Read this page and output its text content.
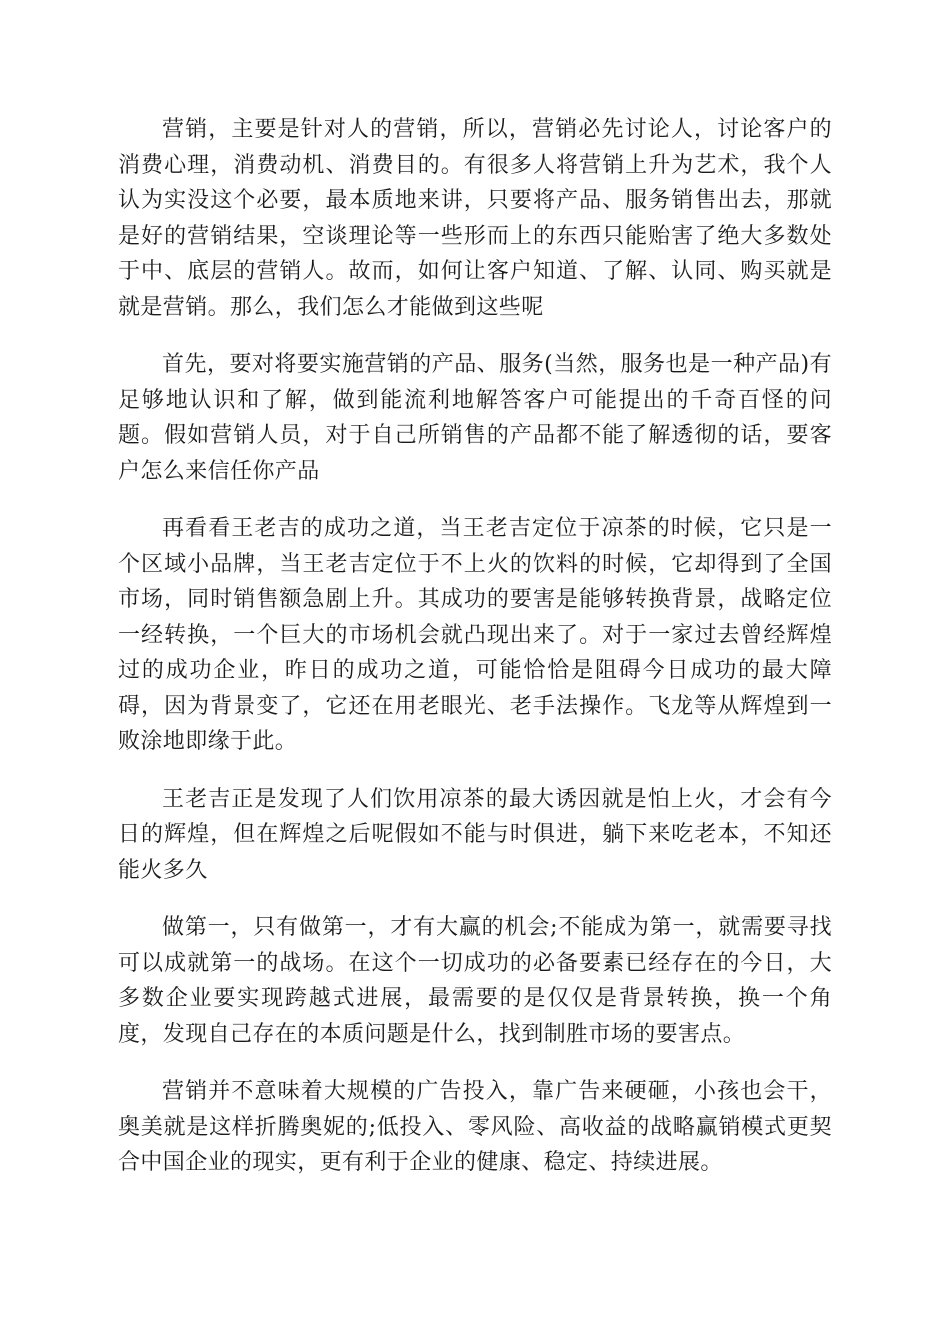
营销，主要是针对人的营销，所以，营销必先讨论人，讨论客户的消费心理，消费动机、消费目的。有很多人将营销上升为艺术，我个人认为实没这个必要，最本质地来讲，只要将产品、服务销售出去，那就是好的营销结果，空谈理论等一些形而上的东西只能贻害了绝大多数处于中、底层的营销人。故而，如何让客户知道、了解、认同、购买就是就是营销。那么，我们怎么才能做到这些呢

首先，要对将要实施营销的产品、服务(当然，服务也是一种产品)有足够地认识和了解，做到能流利地解答客户可能提出的千奇百怪的问题。假如营销人员，对于自己所销售的产品都不能了解透彻的话，要客户怎么来信任你产品

再看看王老吉的成功之道，当王老吉定位于凉茶的时候，它只是一个区域小品牌，当王老吉定位于不上火的饮料的时候，它却得到了全国市场，同时销售额急剧上升。其成功的要害是能够转换背景，战略定位一经转换，一个巨大的市场机会就凸现出来了。对于一家过去曾经辉煌过的成功企业，昨日的成功之道，可能恰恰是阻碍今日成功的最大障碍，因为背景变了，它还在用老眼光、老手法操作。飞龙等从辉煌到一败涂地即缘于此。

王老吉正是发现了人们饮用凉茶的最大诱因就是怕上火，才会有今日的辉煌，但在辉煌之后呢假如不能与时俱进，躺下来吃老本，不知还能火多久

做第一，只有做第一，才有大赢的机会;不能成为第一，就需要寻找可以成就第一的战场。在这个一切成功的必备要素已经存在的今日，大多数企业要实现跨越式进展，最需要的是仅仅是背景转换，换一个角度，发现自己存在的本质问题是什么，找到制胜市场的要害点。

营销并不意味着大规模的广告投入，靠广告来硬砸，小孩也会干，奥美就是这样折腾奥妮的;低投入、零风险、高收益的战略赢销模式更契合中国企业的现实，更有利于企业的健康、稳定、持续进展。
